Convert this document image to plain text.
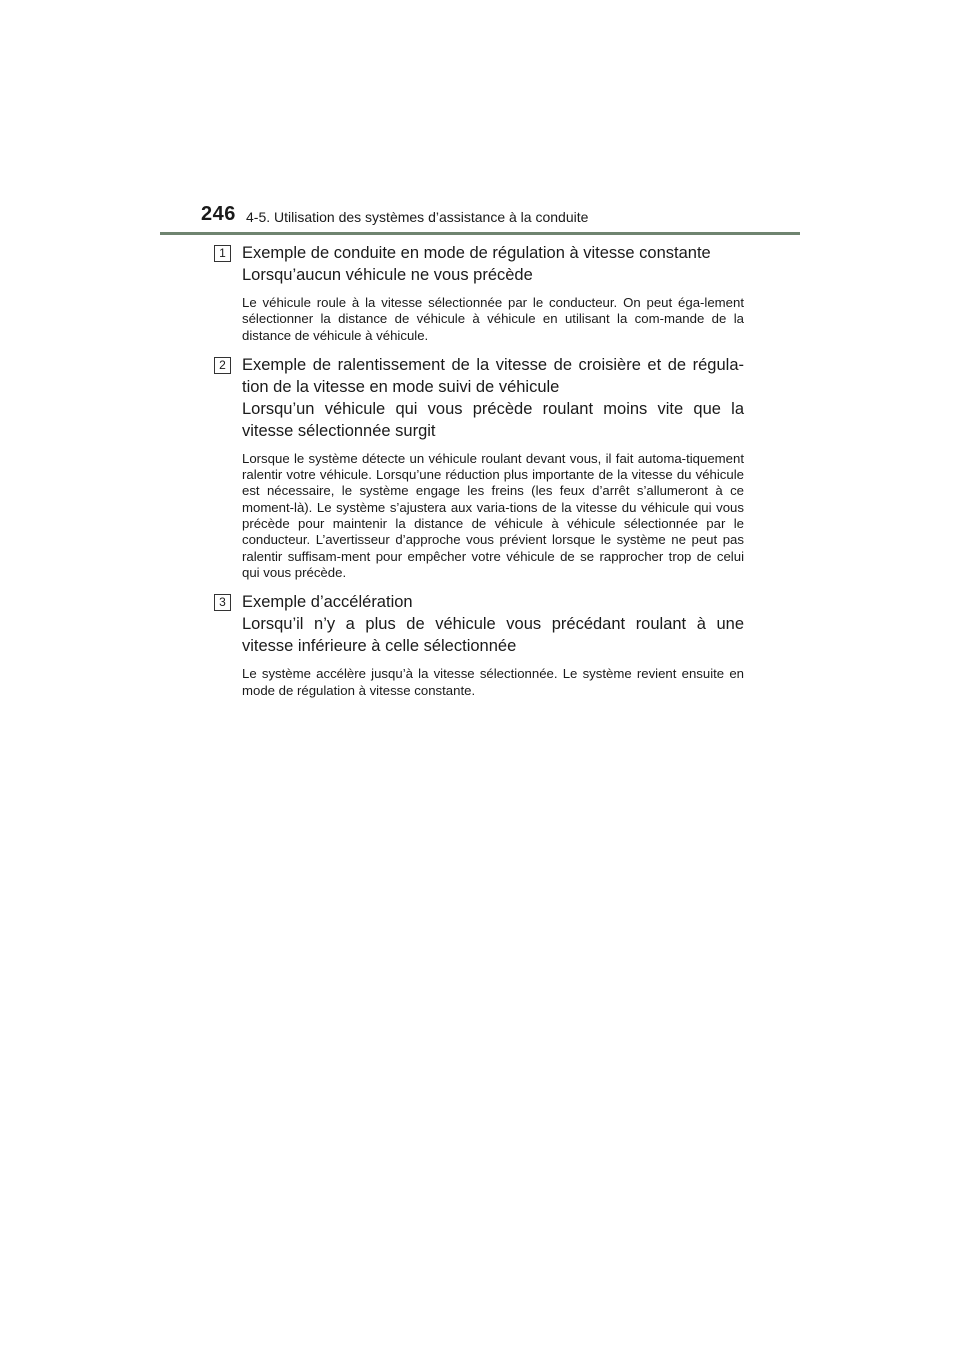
246 4-5. Utilisation des systèmes d’assistance à la conduite
1 Exemple de conduite en mode de régulation à vitesse constante
Lorsqu’aucun véhicule ne vous précède
Le véhicule roule à la vitesse sélectionnée par le conducteur. On peut éga-lement sélectionner la distance de véhicule à véhicule en utilisant la com-mande de la distance de véhicule à véhicule.
2 Exemple de ralentissement de la vitesse de croisière et de régula-
tion de la vitesse en mode suivi de véhicule
Lorsqu’un véhicule qui vous précède roulant moins vite que la
vitesse sélectionnée surgit
Lorsque le système détecte un véhicule roulant devant vous, il fait automa-tiquement ralentir votre véhicule. Lorsqu’une réduction plus importante de la vitesse du véhicule est nécessaire, le système engage les freins (les feux d’arrêt s’allumeront à ce moment-là). Le système s’ajustera aux varia-tions de la vitesse du véhicule qui vous précède pour maintenir la distance de véhicule à véhicule sélectionnée par le conducteur. L’avertisseur d’approche vous prévient lorsque le système ne peut pas ralentir suffisam-ment pour empêcher votre véhicule de se rapprocher trop de celui qui vous précède.
3 Exemple d’accélération
Lorsqu’il n’y a plus de véhicule vous précédant roulant à une
vitesse inférieure à celle sélectionnée
Le système accélère jusqu’à la vitesse sélectionnée. Le système revient ensuite en mode de régulation à vitesse constante.
